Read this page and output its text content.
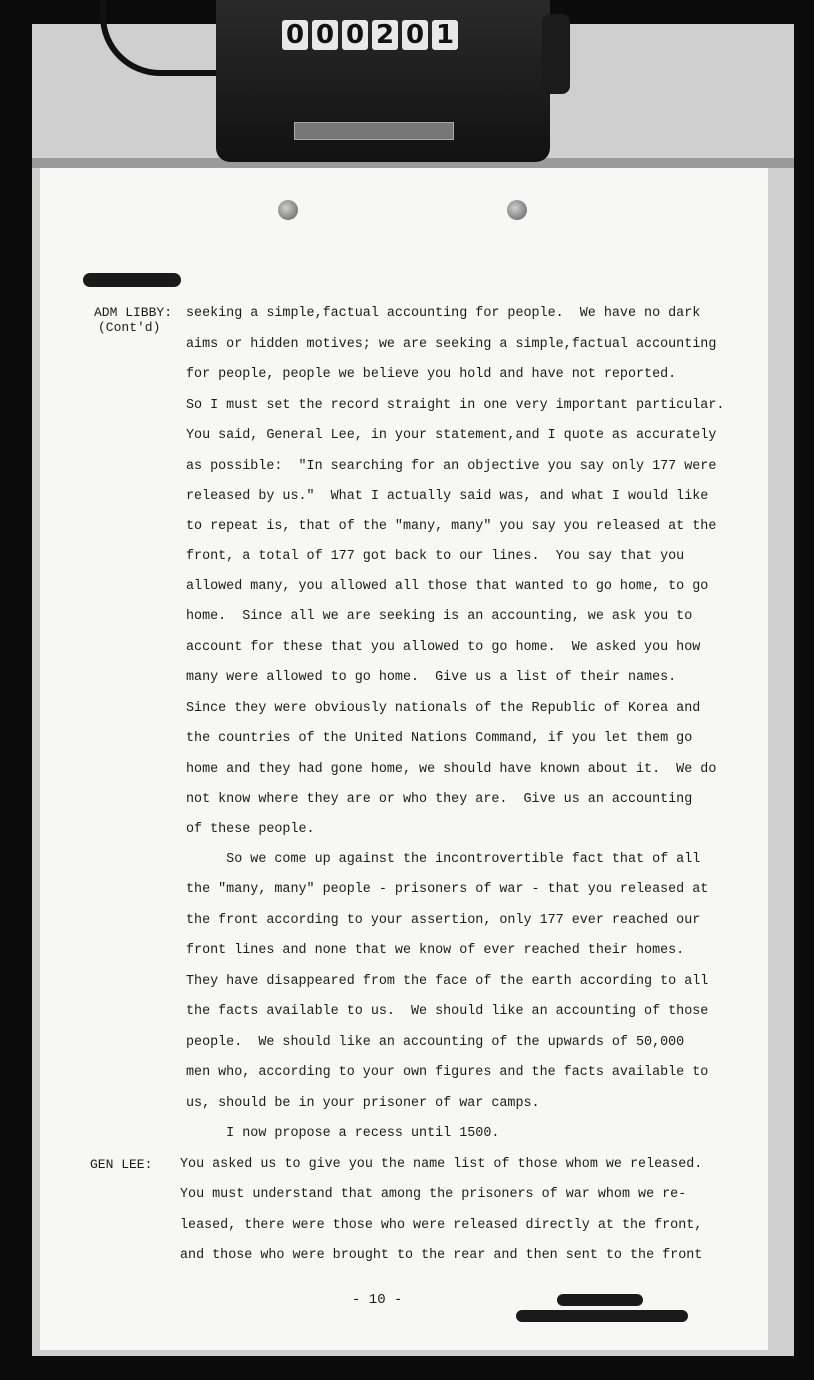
0 0 0 2 0 1

ADM LIBBY:

(Cont'd)

GEN LEE:

seeking a simple,factual accounting for people.  We have no dark

aims or hidden motives; we are seeking a simple,factual accounting

for people, people we believe you hold and have not reported.

So I must set the record straight in one very important particular.

You said, General Lee, in your statement,and I quote as accurately

as possible:  "In searching for an objective you say only 177 were

released by us."  What I actually said was, and what I would like

to repeat is, that of the "many, many" you say you released at the

front, a total of 177 got back to our lines.  You say that you

allowed many, you allowed all those that wanted to go home, to go

home.  Since all we are seeking is an accounting, we ask you to

account for these that you allowed to go home.  We asked you how

many were allowed to go home.  Give us a list of their names.

Since they were obviously nationals of the Republic of Korea and

the countries of the United Nations Command, if you let them go

home and they had gone home, we should have known about it.  We do

not know where they are or who they are.  Give us an accounting

of these people.

So we come up against the incontrovertible fact that of all

the "many, many" people - prisoners of war - that you released at

the front according to your assertion, only 177 ever reached our

front lines and none that we know of ever reached their homes.

They have disappeared from the face of the earth according to all

the facts available to us.  We should like an accounting of those

people.  We should like an accounting of the upwards of 50,000

men who, according to your own figures and the facts available to

us, should be in your prisoner of war camps.

I now propose a recess until 1500.

You asked us to give you the name list of those whom we released.

You must understand that among the prisoners of war whom we re-

leased, there were those who were released directly at the front,

and those who were brought to the rear and then sent to the front

- 10 -
